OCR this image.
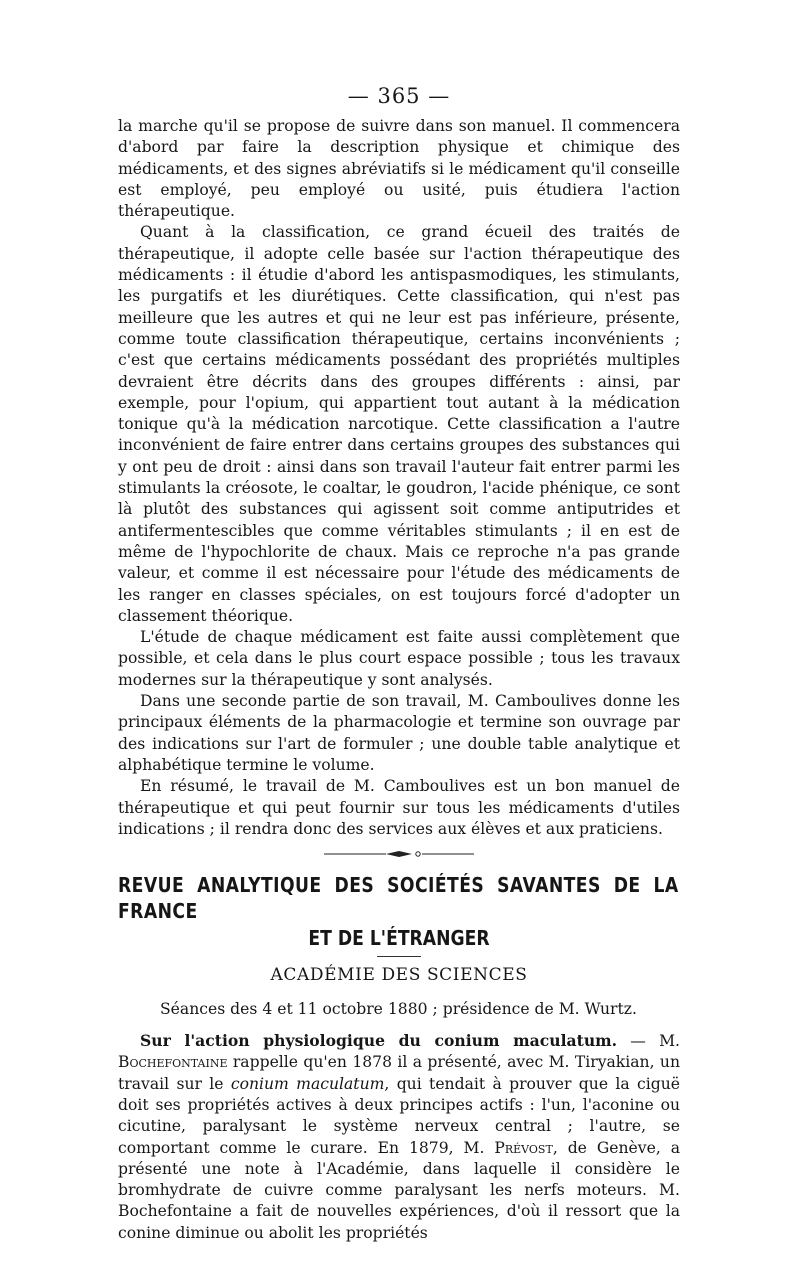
— 365 —

la marche qu'il se propose de suivre dans son manuel. Il commencera d'abord par faire la description physique et chimique des médicaments, et des signes abréviatifs si le médicament qu'il conseille est employé, peu employé ou usité, puis étudiera l'action thérapeutique.

Quant à la classification, ce grand écueil des traités de thérapeutique, il adopte celle basée sur l'action thérapeutique des médicaments : il étudie d'abord les antispasmodiques, les stimulants, les purgatifs et les diurétiques. Cette classification, qui n'est pas meilleure que les autres et qui ne leur est pas inférieure, présente, comme toute classification thérapeutique, certains inconvénients ; c'est que certains médicaments possédant des propriétés multiples devraient être décrits dans des groupes différents : ainsi, par exemple, pour l'opium, qui appartient tout autant à la médication tonique qu'à la médication narcotique. Cette classification a l'autre inconvénient de faire entrer dans certains groupes des substances qui y ont peu de droit : ainsi dans son travail l'auteur fait entrer parmi les stimulants la créosote, le coaltar, le goudron, l'acide phénique, ce sont là plutôt des substances qui agissent soit comme antiputrides et antifermentescibles que comme véritables stimulants ; il en est de même de l'hypochlorite de chaux. Mais ce reproche n'a pas grande valeur, et comme il est nécessaire pour l'étude des médicaments de les ranger en classes spéciales, on est toujours forcé d'adopter un classement théorique.

L'étude de chaque médicament est faite aussi complètement que possible, et cela dans le plus court espace possible ; tous les travaux modernes sur la thérapeutique y sont analysés.

Dans une seconde partie de son travail, M. Camboulives donne les principaux éléments de la pharmacologie et termine son ouvrage par des indications sur l'art de formuler ; une double table analytique et alphabétique termine le volume.

En résumé, le travail de M. Camboulives est un bon manuel de thérapeutique et qui peut fournir sur tous les médicaments d'utiles indications ; il rendra donc des services aux élèves et aux praticiens.

REVUE ANALYTIQUE DES SOCIÉTÉS SAVANTES DE LA FRANCE
ET DE L'ÉTRANGER
ACADÉMIE DES SCIENCES

Séances des 4 et 11 octobre 1880 ; présidence de M. Wurtz.

Sur l'action physiologique du conium maculatum. — M. Bochefontaine rappelle qu'en 1878 il a présenté, avec M. Tiryakian, un travail sur le conium maculatum, qui tendait à prouver que la ciguë doit ses propriétés actives à deux principes actifs : l'un, l'aconine ou cicutine, paralysant le système nerveux central ; l'autre, se comportant comme le curare. En 1879, M. Prévost, de Genève, a présenté une note à l'Académie, dans laquelle il considère le bromhydrate de cuivre comme paralysant les nerfs moteurs. M. Bochefontaine a fait de nouvelles expériences, d'où il ressort que la conine diminue ou abolit les propriétés
